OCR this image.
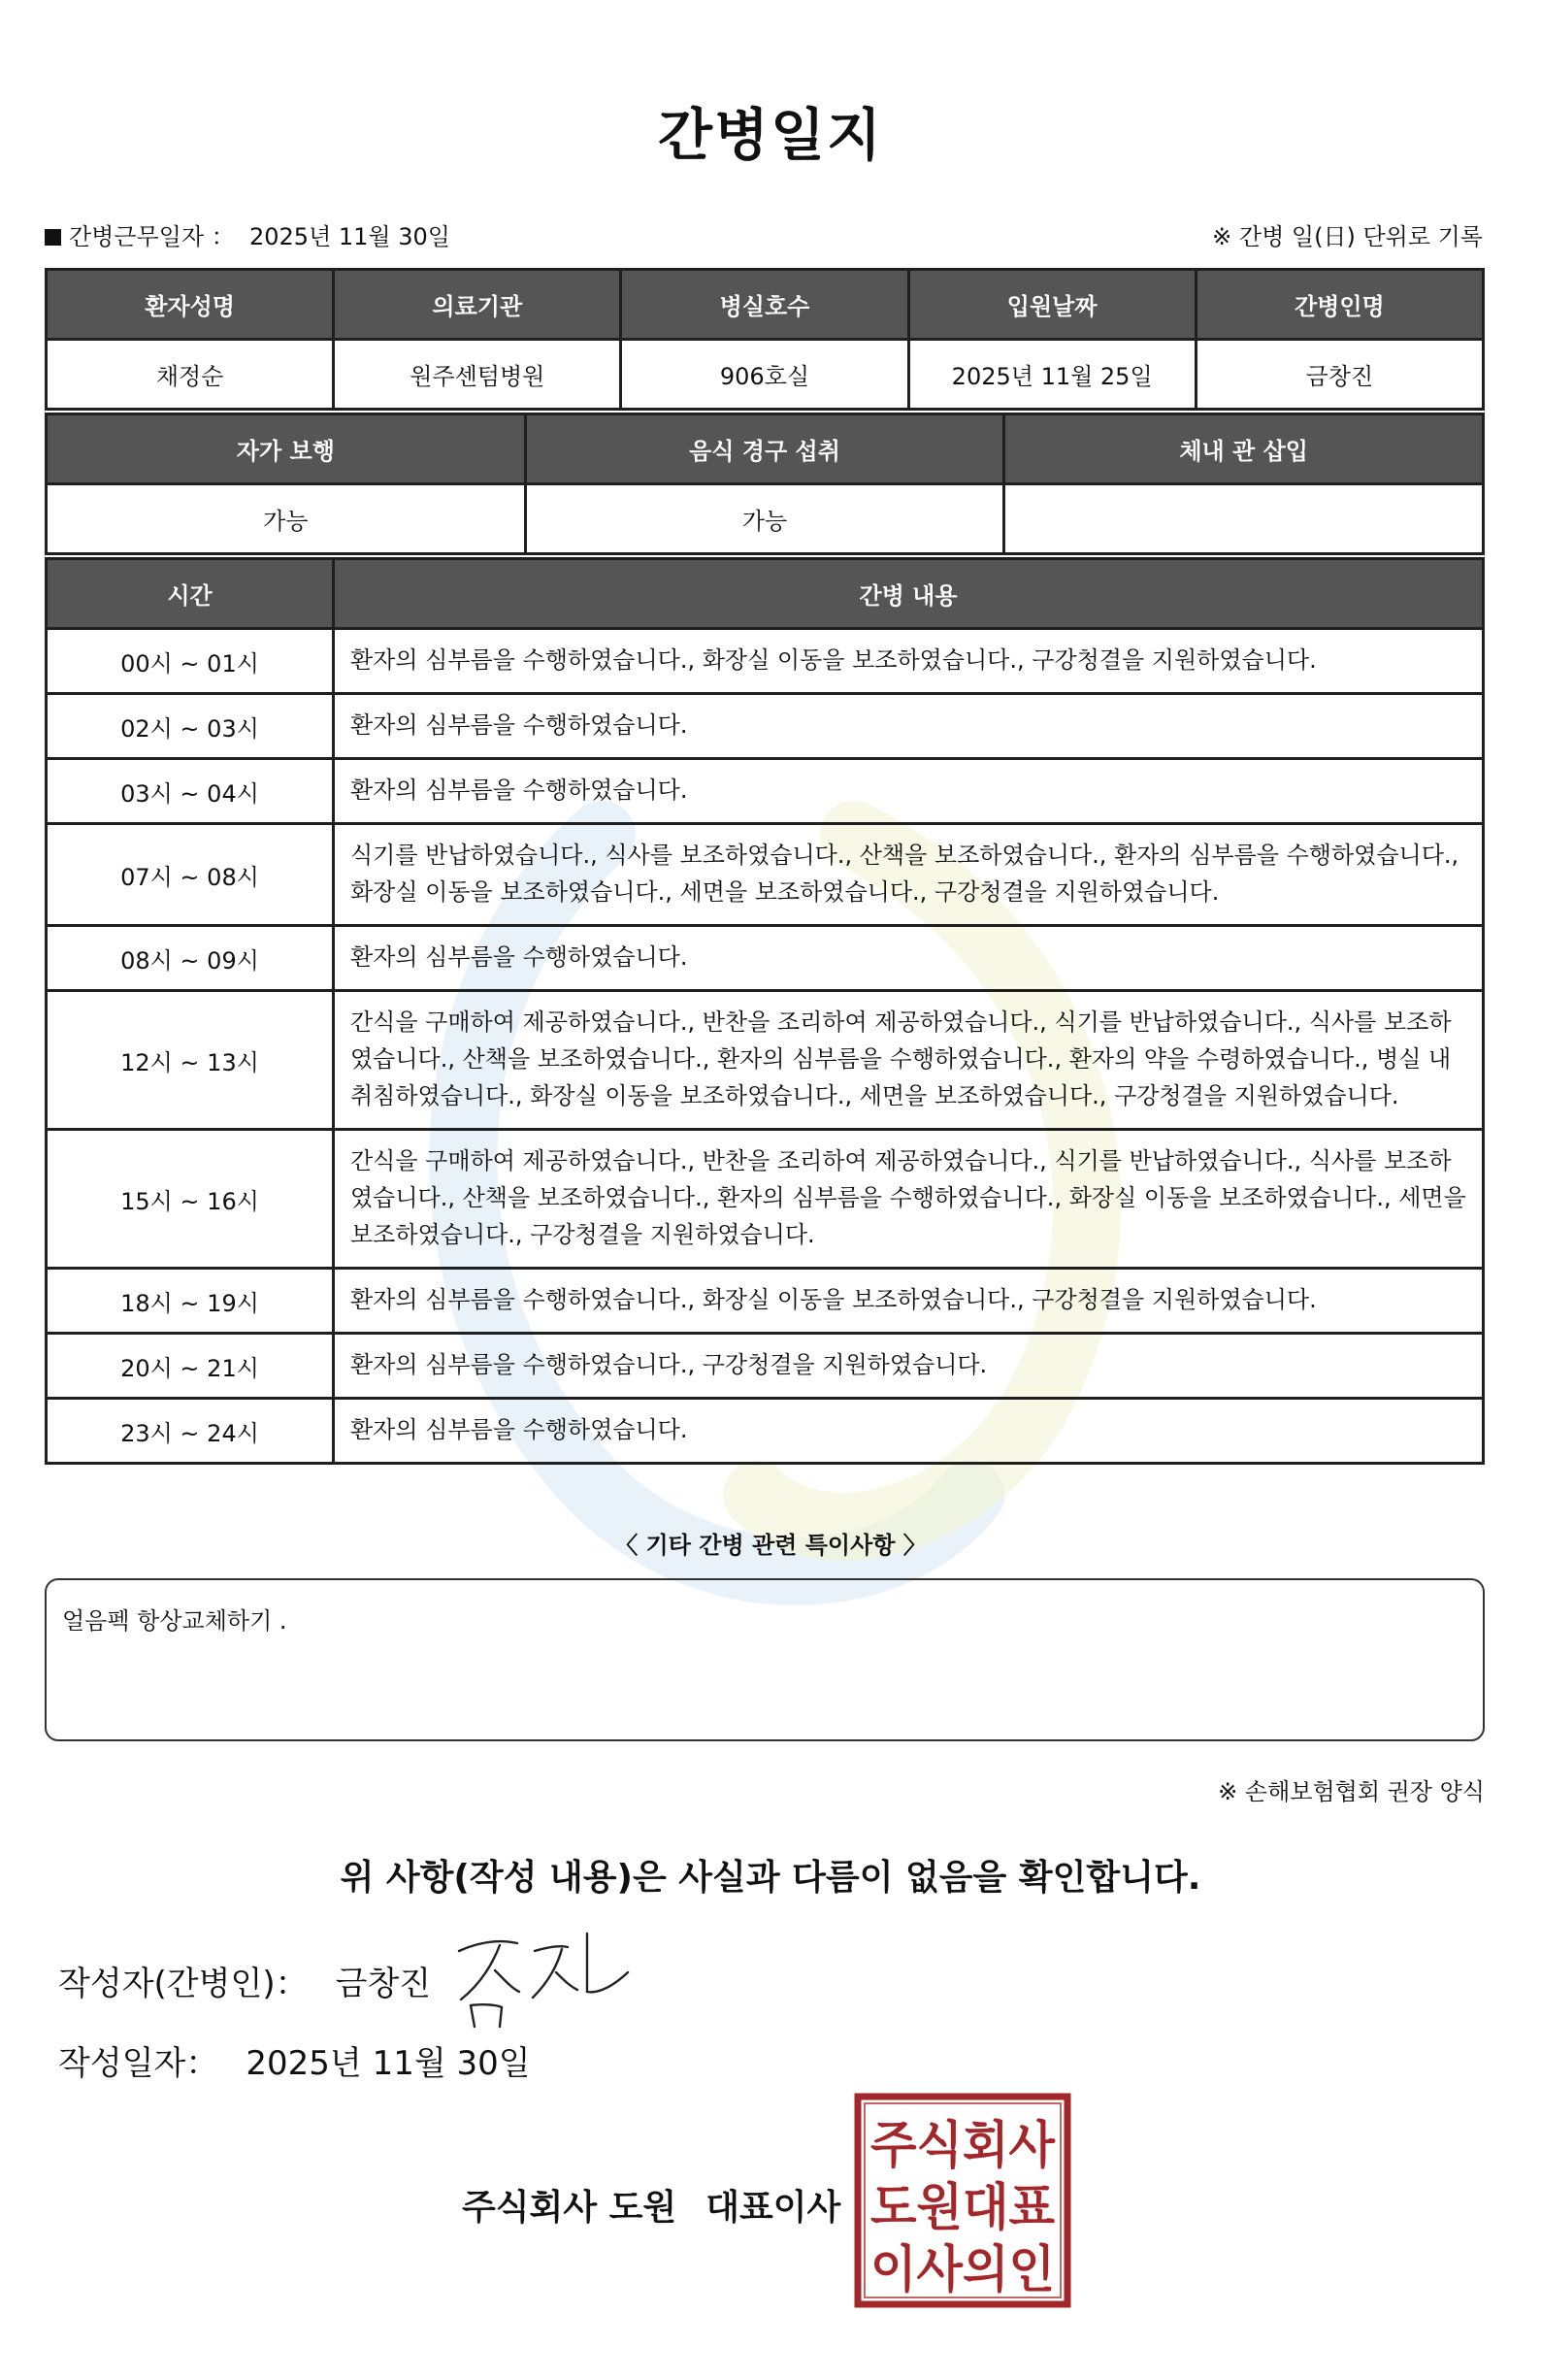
간병일지
간병근무일자 ： 2025년 11월 30일	※ 간병 일(日) 단위로 기록
환자성명	의료기관	병실호수	입원날짜	간병인명
채정순	원주센텀병원	906호실	2025년 11월 25일	금창진
자가 보행	음식 경구 섭취	체내 관 삽입
가능	가능	
시간	간병 내용
00시 ~ 01시	환자의 심부름을 수행하였습니다., 화장실 이동을 보조하였습니다., 구강청결을 지원하였습니다.
02시 ~ 03시	환자의 심부름을 수행하였습니다.
03시 ~ 04시	환자의 심부름을 수행하였습니다.
07시 ~ 08시	식기를 반납하였습니다., 식사를 보조하였습니다., 산책을 보조하였습니다., 환자의 심부름을 수행하였습니다., 화장실 이동을 보조하였습니다., 세면을 보조하였습니다., 구강청결을 지원하였습니다.
08시 ~ 09시	환자의 심부름을 수행하였습니다.
12시 ~ 13시	간식을 구매하여 제공하였습니다., 반찬을 조리하여 제공하였습니다., 식기를 반납하였습니다., 식사를 보조하였습니다., 산책을 보조하였습니다., 환자의 심부름을 수행하였습니다., 환자의 약을 수령하였습니다., 병실 내 취침하였습니다., 화장실 이동을 보조하였습니다., 세면을 보조하였습니다., 구강청결을 지원하였습니다.
15시 ~ 16시	간식을 구매하여 제공하였습니다., 반찬을 조리하여 제공하였습니다., 식기를 반납하였습니다., 식사를 보조하였습니다., 산책을 보조하였습니다., 환자의 심부름을 수행하였습니다., 화장실 이동을 보조하였습니다., 세면을 보조하였습니다., 구강청결을 지원하였습니다.
18시 ~ 19시	환자의 심부름을 수행하였습니다., 화장실 이동을 보조하였습니다., 구강청결을 지원하였습니다.
20시 ~ 21시	환자의 심부름을 수행하였습니다., 구강청결을 지원하였습니다.
23시 ~ 24시	환자의 심부름을 수행하였습니다.
〈 기타 간병 관련 특이사항 〉
얼음펙 항상교체하기 .
※ 손해보험협회 권장 양식
위 사항(작성 내용)은 사실과 다름이 없음을 확인합니다.
작성자(간병인)： 금창진
작성일자： 2025년 11월 30일
주식회사 도원 대표이사
주식회사
도원대표
이사의인
